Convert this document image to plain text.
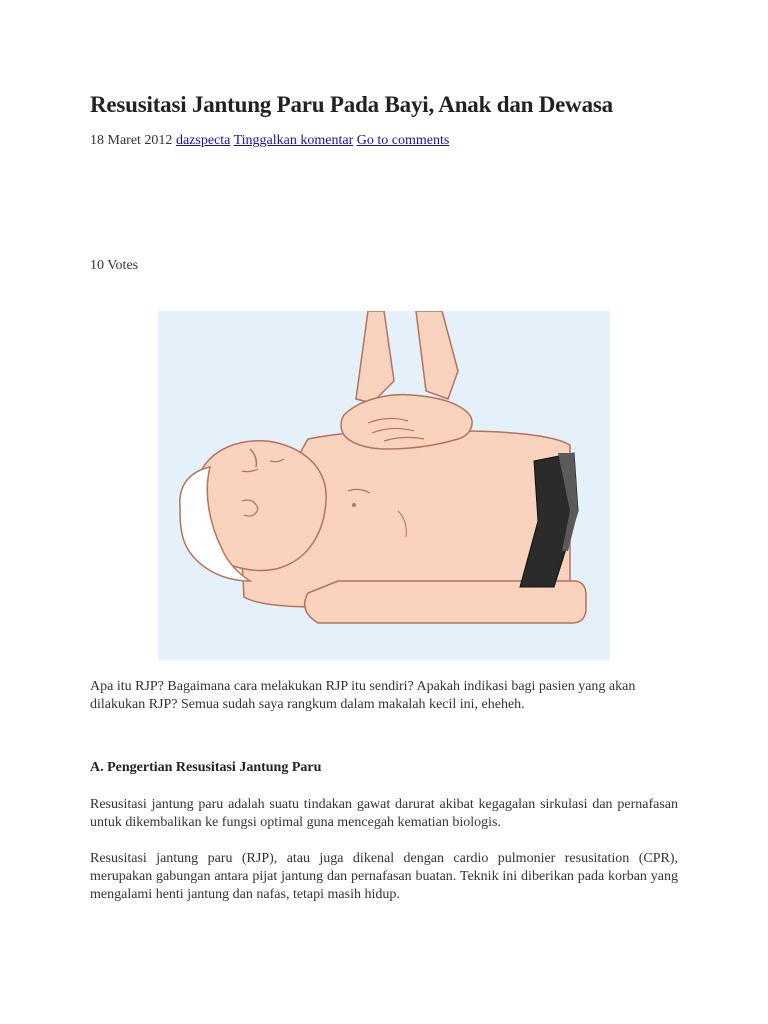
Resusitasi Jantung Paru Pada Bayi, Anak dan Dewasa
18 Maret 2012 dazspecta Tinggalkan komentar Go to comments
10 Votes

Apa itu RJP? Bagaimana cara melakukan RJP itu sendiri? Apakah indikasi bagi pasien yang akan dilakukan RJP? Semua sudah saya rangkum dalam makalah kecil ini, eheheh.

A. Pengertian Resusitasi Jantung Paru

Resusitasi jantung paru adalah suatu tindakan gawat darurat akibat kegagalan sirkulasi dan pernafasan untuk dikembalikan ke fungsi optimal guna mencegah kematian biologis.

Resusitasi jantung paru (RJP), atau juga dikenal dengan cardio pulmonier resusitation (CPR), merupakan gabungan antara pijat jantung dan pernafasan buatan. Teknik ini diberikan pada korban yang mengalami henti jantung dan nafas, tetapi masih hidup.
